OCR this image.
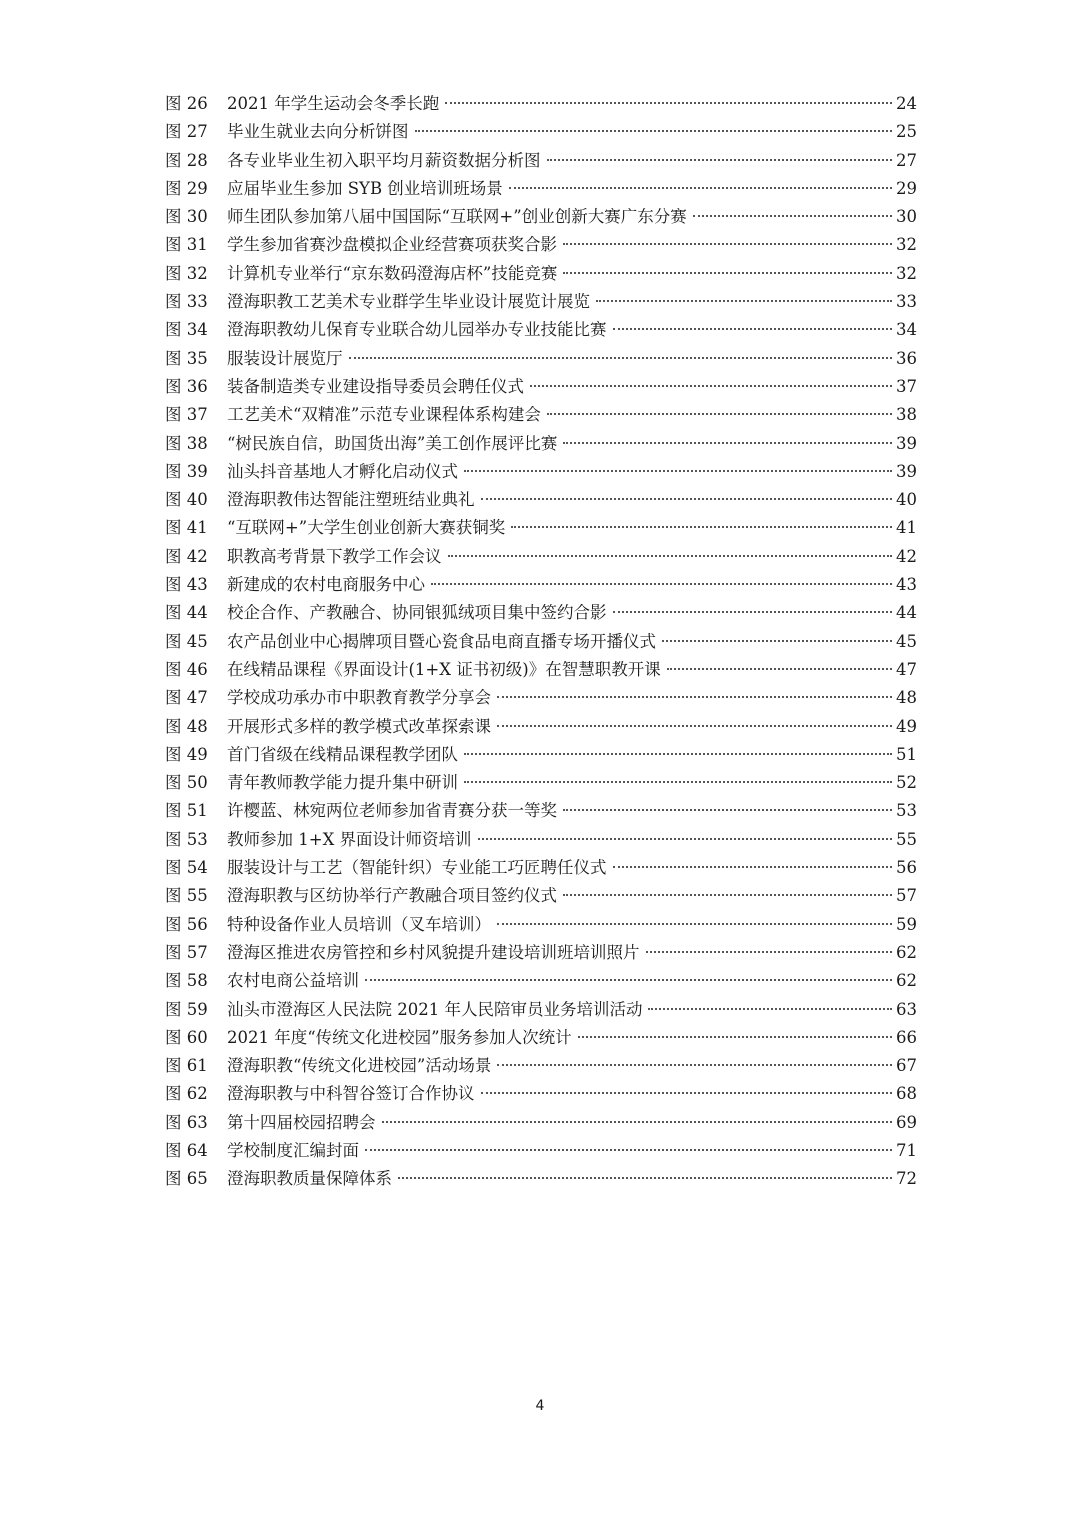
图 26	2021 年学生运动会冬季长跑	24
图 27	毕业生就业去向分析饼图	25
图 28	各专业毕业生初入职平均月薪资数据分析图	27
图 29	应届毕业生参加 SYB 创业培训班场景	29
图 30	师生团队参加第八届中国国际“互联网+”创业创新大赛广东分赛	30
图 31	学生参加省赛沙盘模拟企业经营赛项获奖合影	32
图 32	计算机专业举行“京东数码澄海店杯”技能竞赛	32
图 33	澄海职教工艺美术专业群学生毕业设计展览计展览	33
图 34	澄海职教幼儿保育专业联合幼儿园举办专业技能比赛	34
图 35	服装设计展览厅	36
图 36	装备制造类专业建设指导委员会聘任仪式	37
图 37	工艺美术“双精准”示范专业课程体系构建会	38
图 38	“树民族自信，助国货出海”美工创作展评比赛	39
图 39	汕头抖音基地人才孵化启动仪式	39
图 40	澄海职教伟达智能注塑班结业典礼	40
图 41	“互联网+”大学生创业创新大赛获铜奖	41
图 42	职教高考背景下教学工作会议	42
图 43	新建成的农村电商服务中心	43
图 44	校企合作、产教融合、协同银狐绒项目集中签约合影	44
图 45	农产品创业中心揭牌项目暨心瓷食品电商直播专场开播仪式	45
图 46	在线精品课程《界面设计(1+X 证书初级)》在智慧职教开课	47
图 47	学校成功承办市中职教育教学分享会	48
图 48	开展形式多样的教学模式改革探索课	49
图 49	首门省级在线精品课程教学团队	51
图 50	青年教师教学能力提升集中研训	52
图 51	许樱蓝、林宛两位老师参加省青赛分获一等奖	53
图 53	教师参加 1+X 界面设计师资培训	55
图 54	服装设计与工艺（智能针织）专业能工巧匠聘任仪式	56
图 55	澄海职教与区纺协举行产教融合项目签约仪式	57
图 56	特种设备作业人员培训（叉车培训）	59
图 57	澄海区推进农房管控和乡村风貌提升建设培训班培训照片	62
图 58	农村电商公益培训	62
图 59	汕头市澄海区人民法院 2021 年人民陪审员业务培训活动	63
图 60	2021 年度“传统文化进校园”服务参加人次统计	66
图 61	澄海职教“传统文化进校园”活动场景	67
图 62	澄海职教与中科智谷签订合作协议	68
图 63	第十四届校园招聘会	69
图 64	学校制度汇编封面	71
图 65	澄海职教质量保障体系	72
4
